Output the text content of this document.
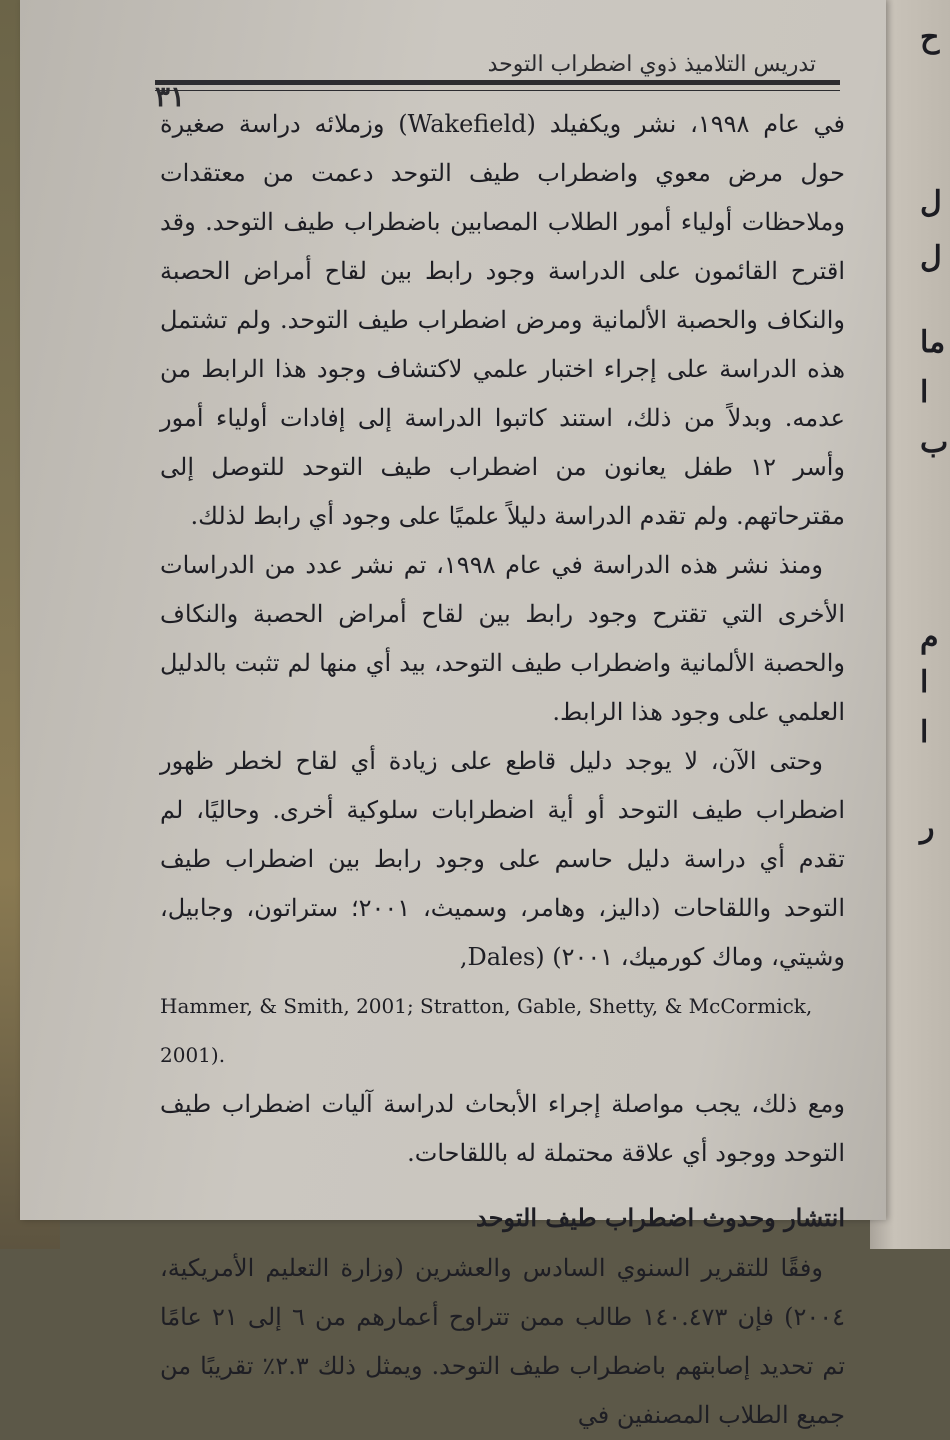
ح
ل
ل
ما
ا
ب
م
ا
ا
ر
تدريس التلاميذ ذوي اضطراب التوحد
٣١

في عام ١٩٩٨، نشر ويكفيلد (Wakefield) وزملائه دراسة صغيرة حول مرض معوي واضطراب طيف التوحد دعمت من معتقدات وملاحظات أولياء أمور الطلاب المصابين باضطراب طيف التوحد. وقد اقترح القائمون على الدراسة وجود رابط بين لقاح أمراض الحصبة والنكاف والحصبة الألمانية ومرض اضطراب طيف التوحد. ولم تشتمل هذه الدراسة على إجراء اختبار علمي لاكتشاف وجود هذا الرابط من عدمه. وبدلاً من ذلك، استند كاتبوا الدراسة إلى إفادات أولياء أمور وأسر ١٢ طفل يعانون من اضطراب طيف التوحد للتوصل إلى مقترحاتهم. ولم تقدم الدراسة دليلاً علميًا على وجود أي رابط لذلك.

ومنذ نشر هذه الدراسة في عام ١٩٩٨، تم نشر عدد من الدراسات الأخرى التي تقترح وجود رابط بين لقاح أمراض الحصبة والنكاف والحصبة الألمانية واضطراب طيف التوحد، بيد أي منها لم تثبت بالدليل العلمي على وجود هذا الرابط.

وحتى الآن، لا يوجد دليل قاطع على زيادة أي لقاح لخطر ظهور اضطراب طيف التوحد أو أية اضطرابات سلوكية أخرى. وحاليًا، لم تقدم أي دراسة دليل حاسم على وجود رابط بين اضطراب طيف التوحد واللقاحات (داليز، وهامر، وسميث، ٢٠٠١؛ ستراتون، وجابيل، وشيتي، وماك كورميك، ٢٠٠١) (Dales,

Hammer, & Smith, 2001; Stratton, Gable, Shetty, & McCormick, 2001).

ومع ذلك، يجب مواصلة إجراء الأبحاث لدراسة آليات اضطراب طيف التوحد ووجود أي علاقة محتملة له باللقاحات.

انتشار وحدوث اضطراب طيف التوحد

وفقًا للتقرير السنوي السادس والعشرين (وزارة التعليم الأمريكية، ٢٠٠٤) فإن ١٤٠.٤٧٣ طالب ممن تتراوح أعمارهم من ٦ إلى ٢١ عامًا تم تحديد إصابتهم باضطراب طيف التوحد. ويمثل ذلك ٢.٣٪ تقريبًا من جميع الطلاب المصنفين في
